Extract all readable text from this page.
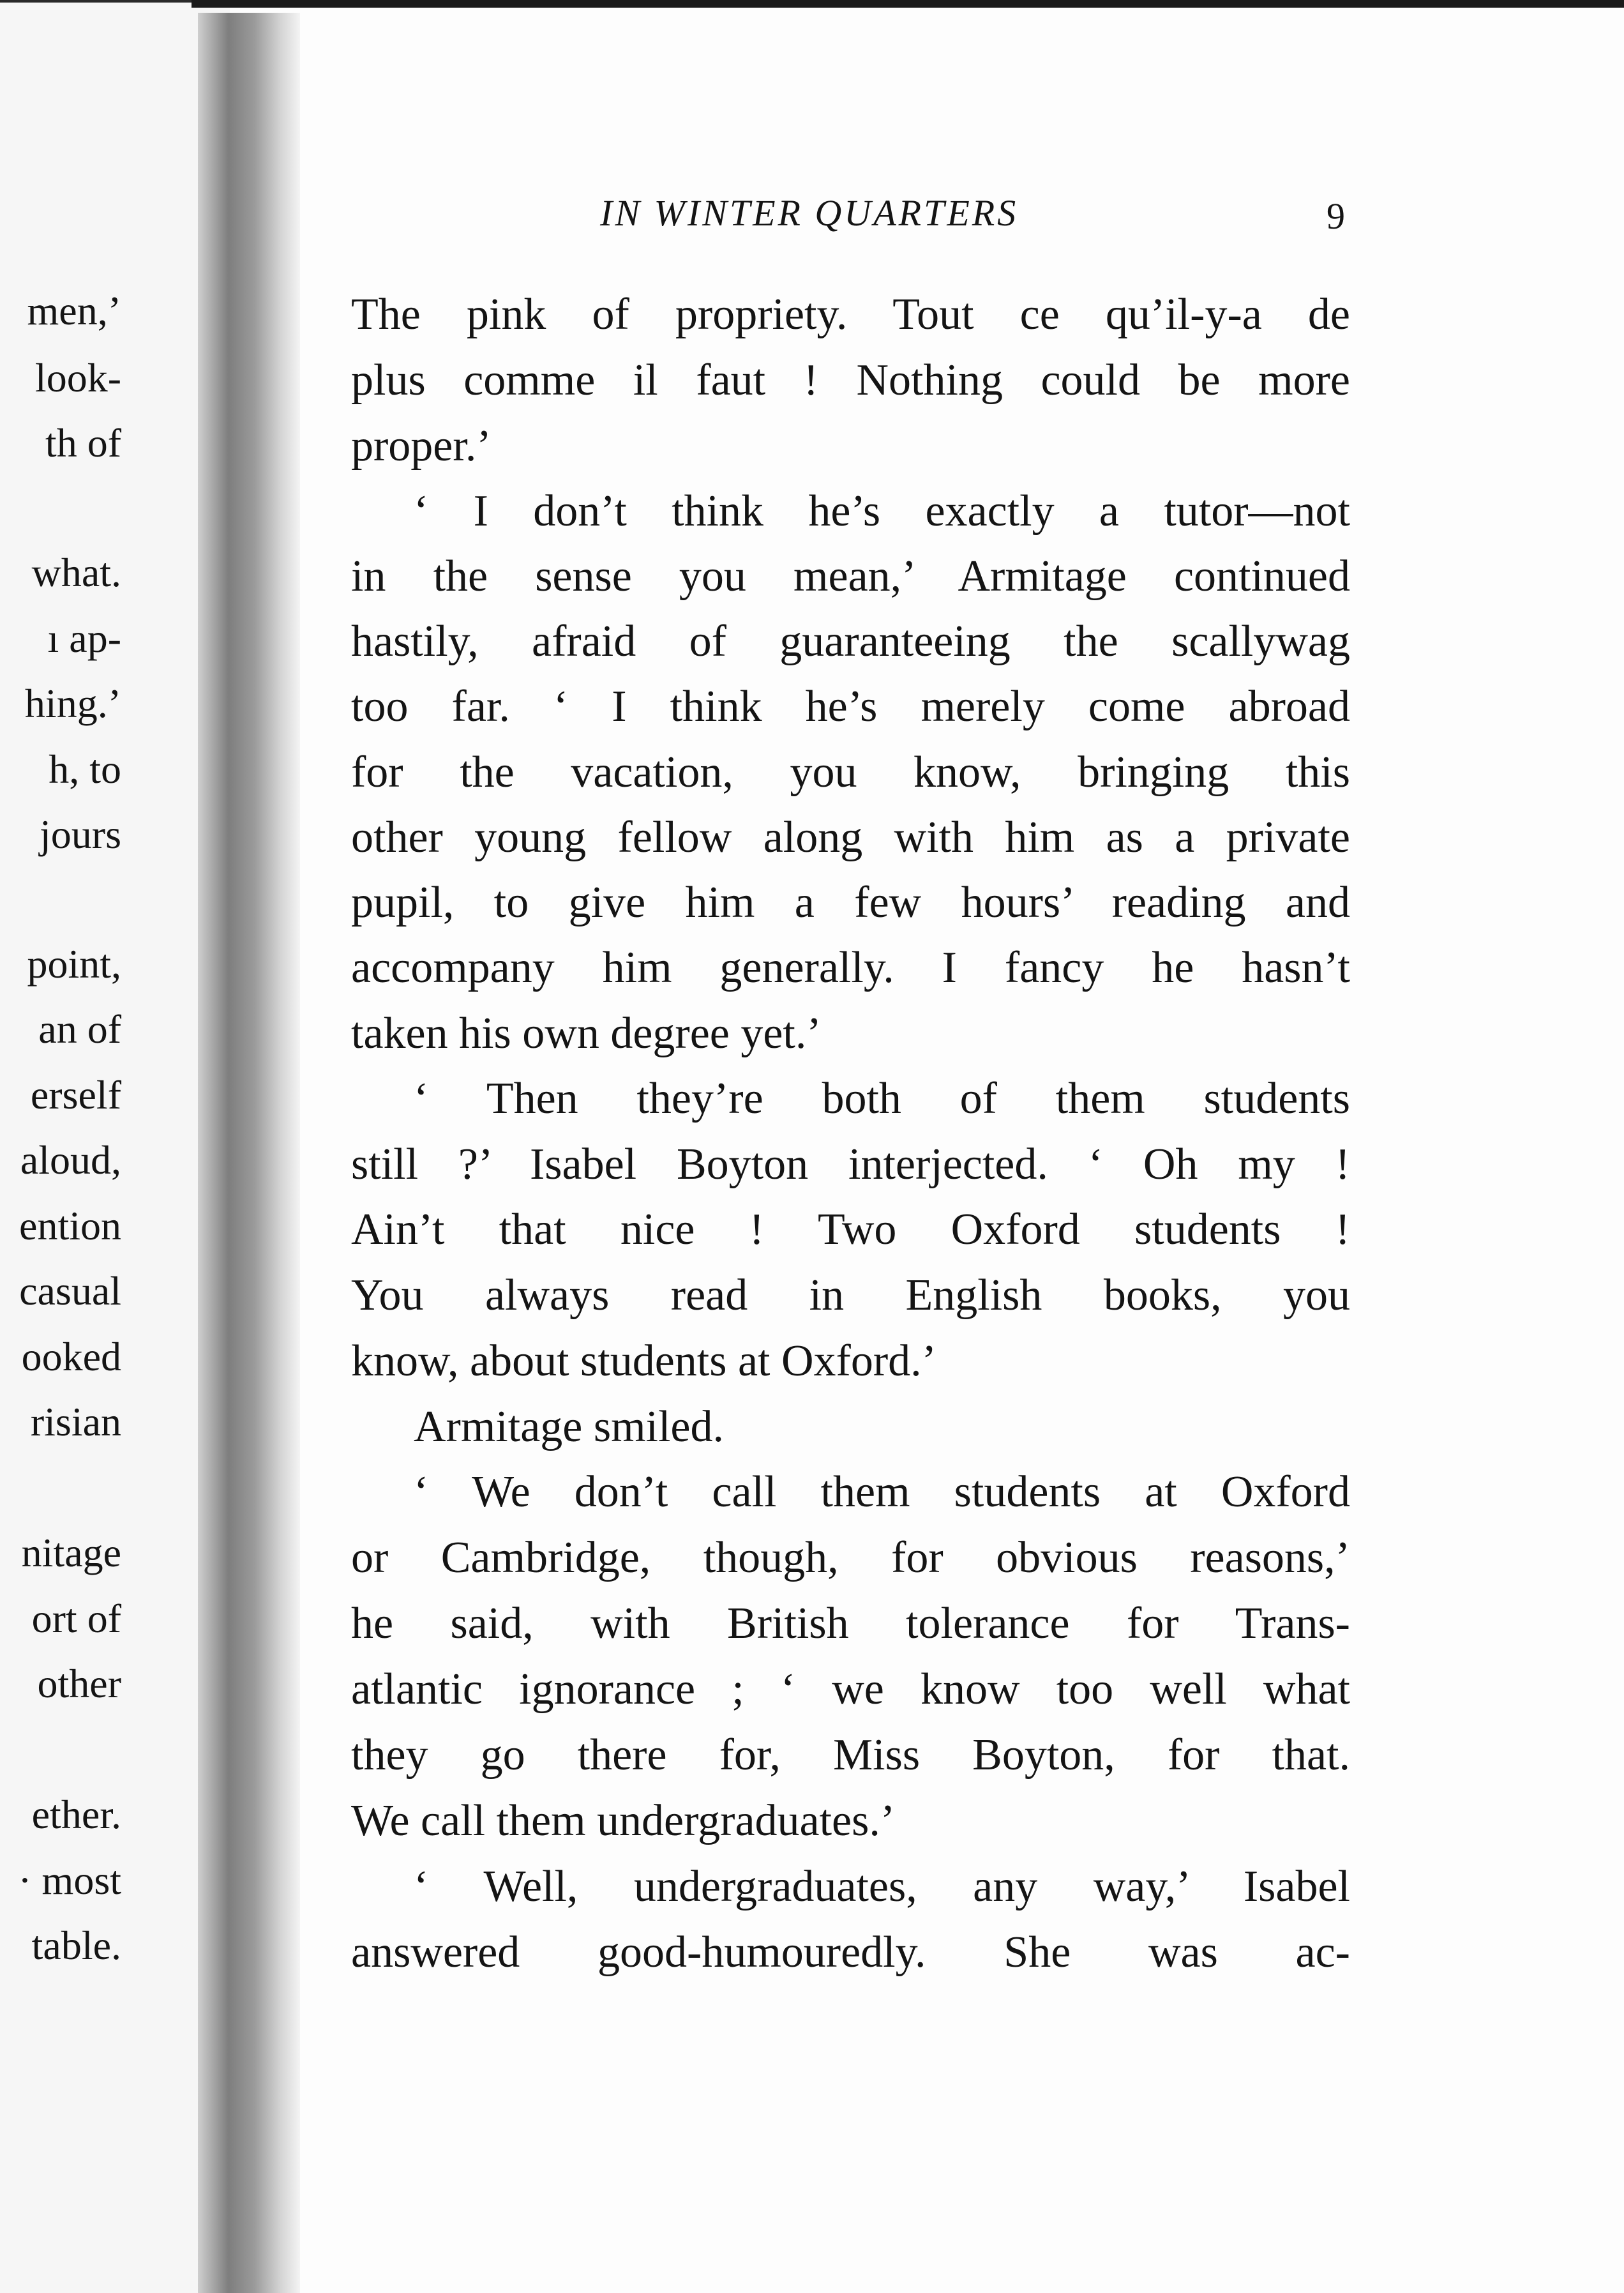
men,’
look-
th of
what.
ı ap-
hing.’
h, to
jours
point,
an of
erself
aloud,
ention
casual
ooked
risian
nitage
ort of
other
ether.
· most
table.
IN WINTER QUARTERS	9
The pink of propriety. Tout ce qu’il-y-a de
plus comme il faut ! Nothing could be more
proper.’
‘ I don’t think he’s exactly a tutor—not
in the sense you mean,’ Armitage continued
hastily, afraid of guaranteeing the scallywag
too far. ‘ I think he’s merely come abroad
for the vacation, you know, bringing this
other young fellow along with him as a private
pupil, to give him a few hours’ reading and
accompany him generally. I fancy he hasn’t
taken his own degree yet.’
‘ Then they’re both of them students
still ?’ Isabel Boyton interjected. ‘ Oh my !
Ain’t that nice ! Two Oxford students !
You always read in English books, you
know, about students at Oxford.’
Armitage smiled.
‘ We don’t call them students at Oxford
or Cambridge, though, for obvious reasons,’
he said, with British tolerance for Trans-
atlantic ignorance ; ‘ we know too well what
they go there for, Miss Boyton, for that.
We call them undergraduates.’
‘ Well, undergraduates, any way,’ Isabel
answered good-humouredly. She was ac-
